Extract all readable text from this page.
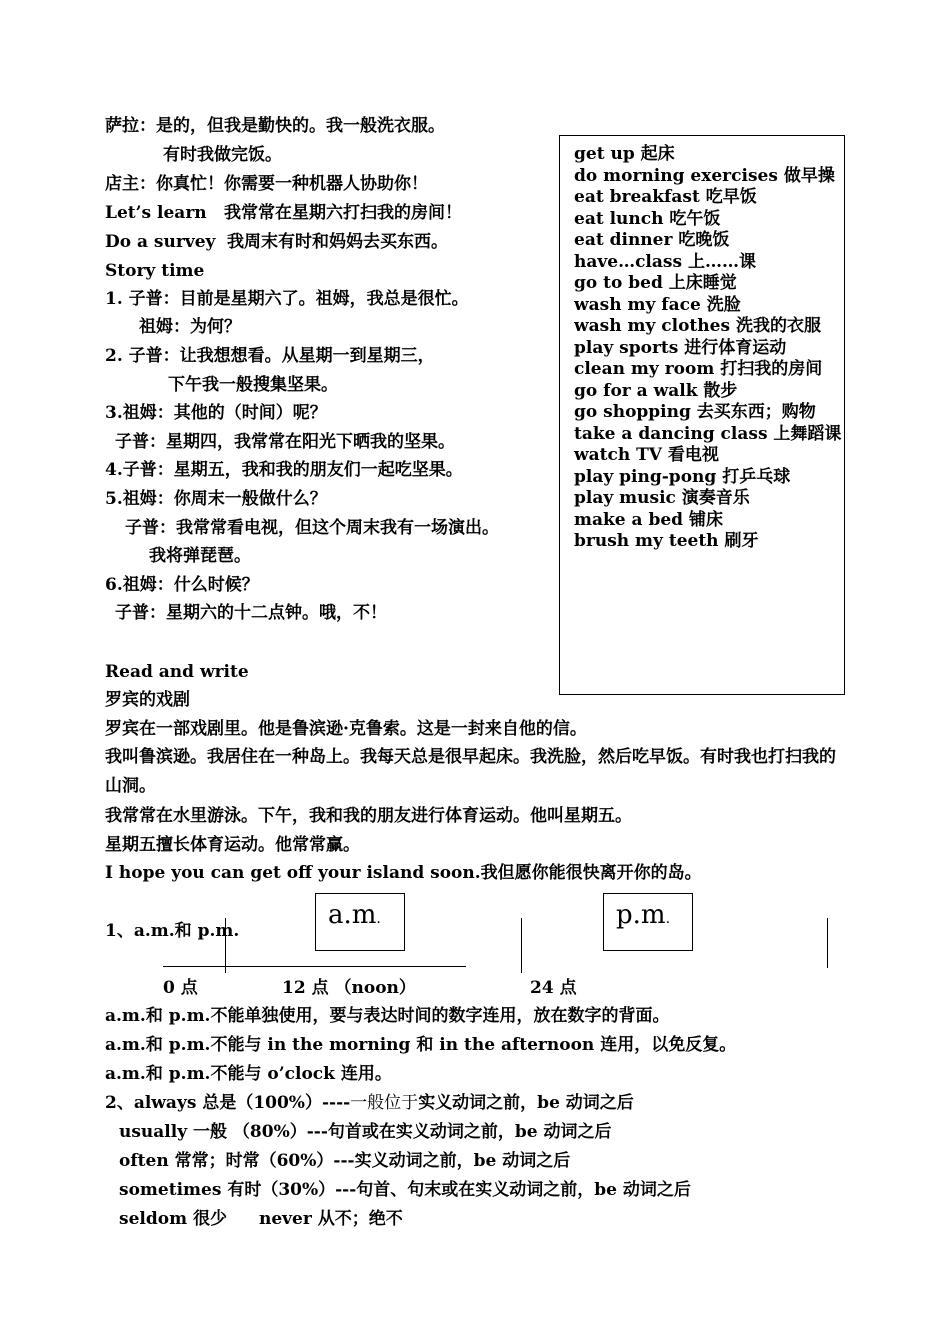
萨拉：是的，但我是勤快的。我一般洗衣服。
有时我做完饭。
店主：你真忙！你需要一种机器人协助你！
Let’s learn 我常常在星期六打扫我的房间！
Do a survey 我周末有时和妈妈去买东西。
Story time
1. 子普：目前是星期六了。祖姆，我总是很忙。
祖姆：为何？
2. 子普：让我想想看。从星期一到星期三，
下午我一般搜集坚果。
3.祖姆：其他的（时间）呢？
子普：星期四，我常常在阳光下晒我的坚果。
4.子普：星期五，我和我的朋友们一起吃坚果。
5.祖姆：你周末一般做什么？
子普：我常常看电视，但这个周末我有一场演出。
我将弹琵琶。
6.祖姆：什么时候？
子普：星期六的十二点钟。哦，不！
get up 起床
do morning exercises 做早操
eat breakfast 吃早饭
eat lunch 吃午饭
eat dinner 吃晚饭
have…class 上……课
go to bed 上床睡觉
wash my face 洗脸
wash my clothes 洗我的衣服
play sports 进行体育运动
clean my room 打扫我的房间
go for a walk 散步
go shopping 去买东西；购物
take a dancing class 上舞蹈课
watch TV 看电视
play ping-pong 打乒乓球
play music 演奏音乐
make a bed 铺床
brush my teeth 刷牙
Read and write
罗宾的戏剧
罗宾在一部戏剧里。他是鲁滨逊·克鲁索。这是一封来自他的信。
我叫鲁滨逊。我居住在一种岛上。我每天总是很早起床。我洗脸，然后吃早饭。有时我也打扫我的山洞。
我常常在水里游泳。下午，我和我的朋友进行体育运动。他叫星期五。
星期五擅长体育运动。他常常赢。
I hope you can get off your island soon.我但愿你能很快离开你的岛。
1、a.m.和 p.m.
a.m.	p.m.
0 点	12 点 （noon）	24 点
a.m.和 p.m.不能单独使用，要与表达时间的数字连用，放在数字的背面。
a.m.和 p.m.不能与 in the morning 和 in the afternoon 连用，以免反复。
a.m.和 p.m.不能与 o’clock 连用。
2、always 总是（100%）----一般位于实义动词之前，be 动词之后
usually 一般 （80%）---句首或在实义动词之前，be 动词之后
often 常常；时常（60%）---实义动词之前，be 动词之后
sometimes 有时（30%）---句首、句末或在实义动词之前，be 动词之后
seldom 很少 never 从不；绝不
